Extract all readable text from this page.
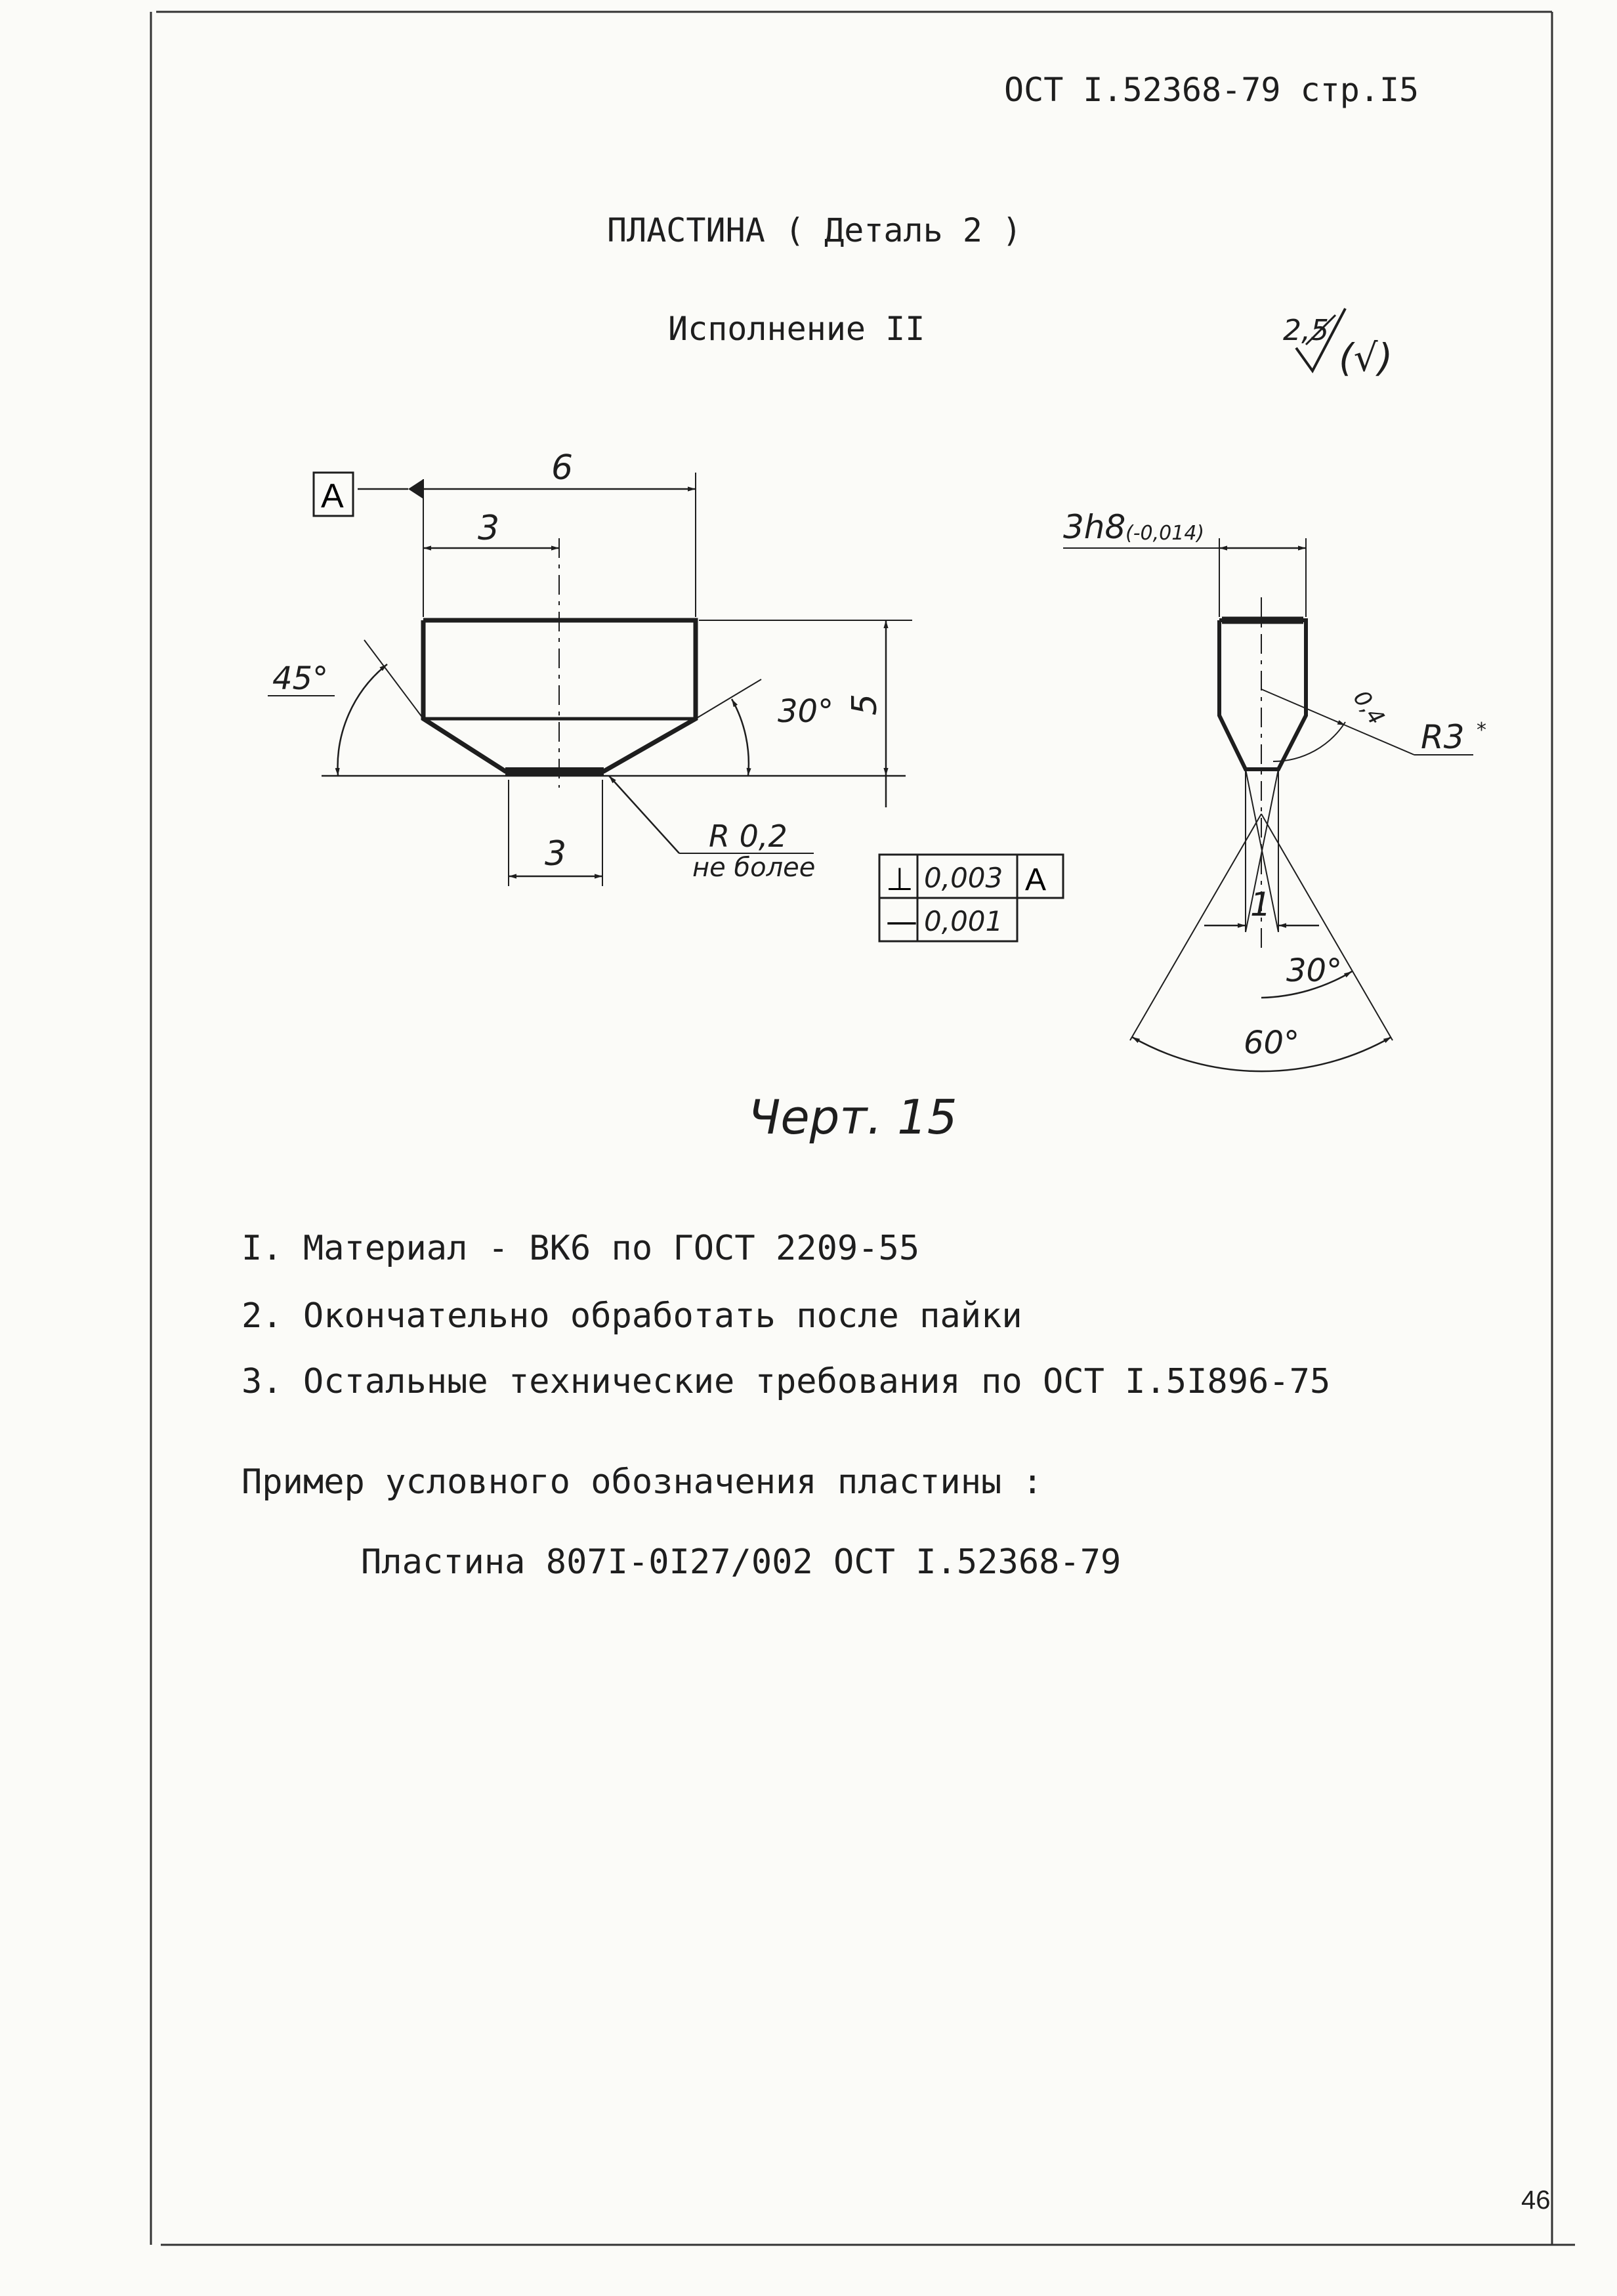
ОСТ I.52368-79 стр.I5
ПЛАСТИНА ( Деталь 2 )
Исполнение II	2,5
(√)
A
6
3
3
45°
30° 5
R 0,2
не более ⊥ 0,003 A
— 0,001
3h8 (-0,014)
0,4
R3 *
1
30°
60°
Черт. 15
I. Материал - ВК6 по ГОСТ 2209-55
2. Окончательно обработать после пайки
3. Остальные технические требования по ОСТ I.5I896-75
Пример условного обозначения пластины :
Пластина 807I-0I27/002 ОСТ I.52368-79
46
